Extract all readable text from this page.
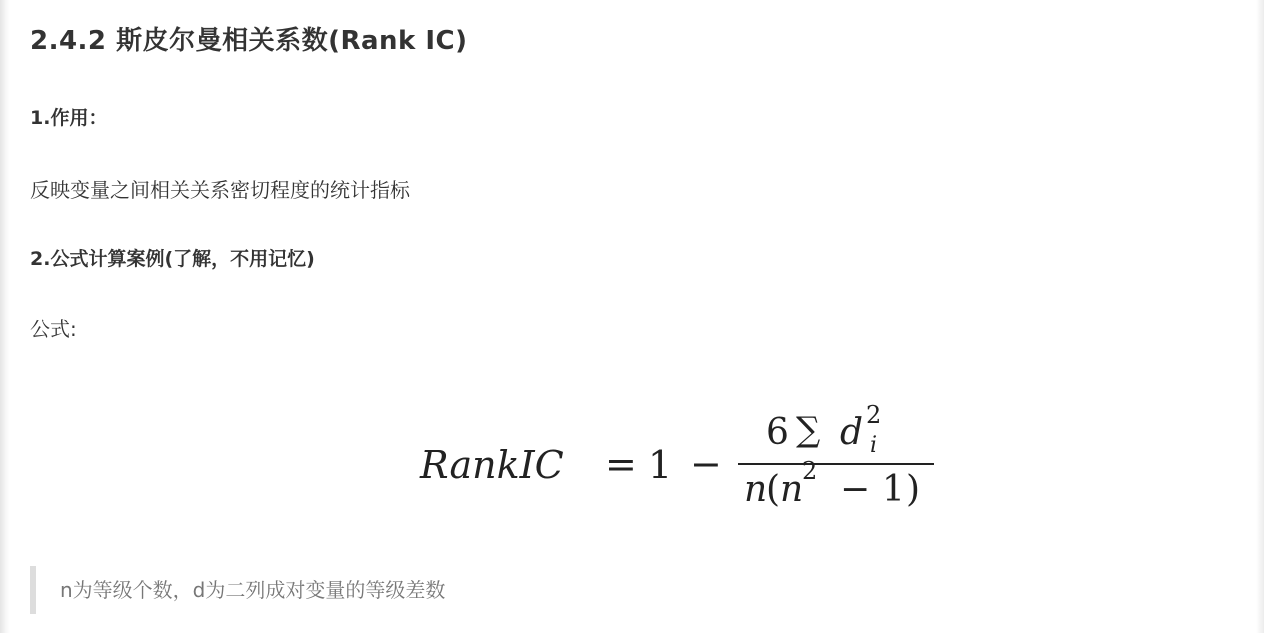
2.4.2 斯皮尔曼相关系数(Rank IC)

1.作用：

反映变量之间相关关系密切程度的统计指标

2.公式计算案例(了解，不用记忆)

公式:

RankIC = 1 −
6 ∑ d 2
i
n
( n
2 − 1 )
n为等级个数，d为二列成对变量的等级差数
